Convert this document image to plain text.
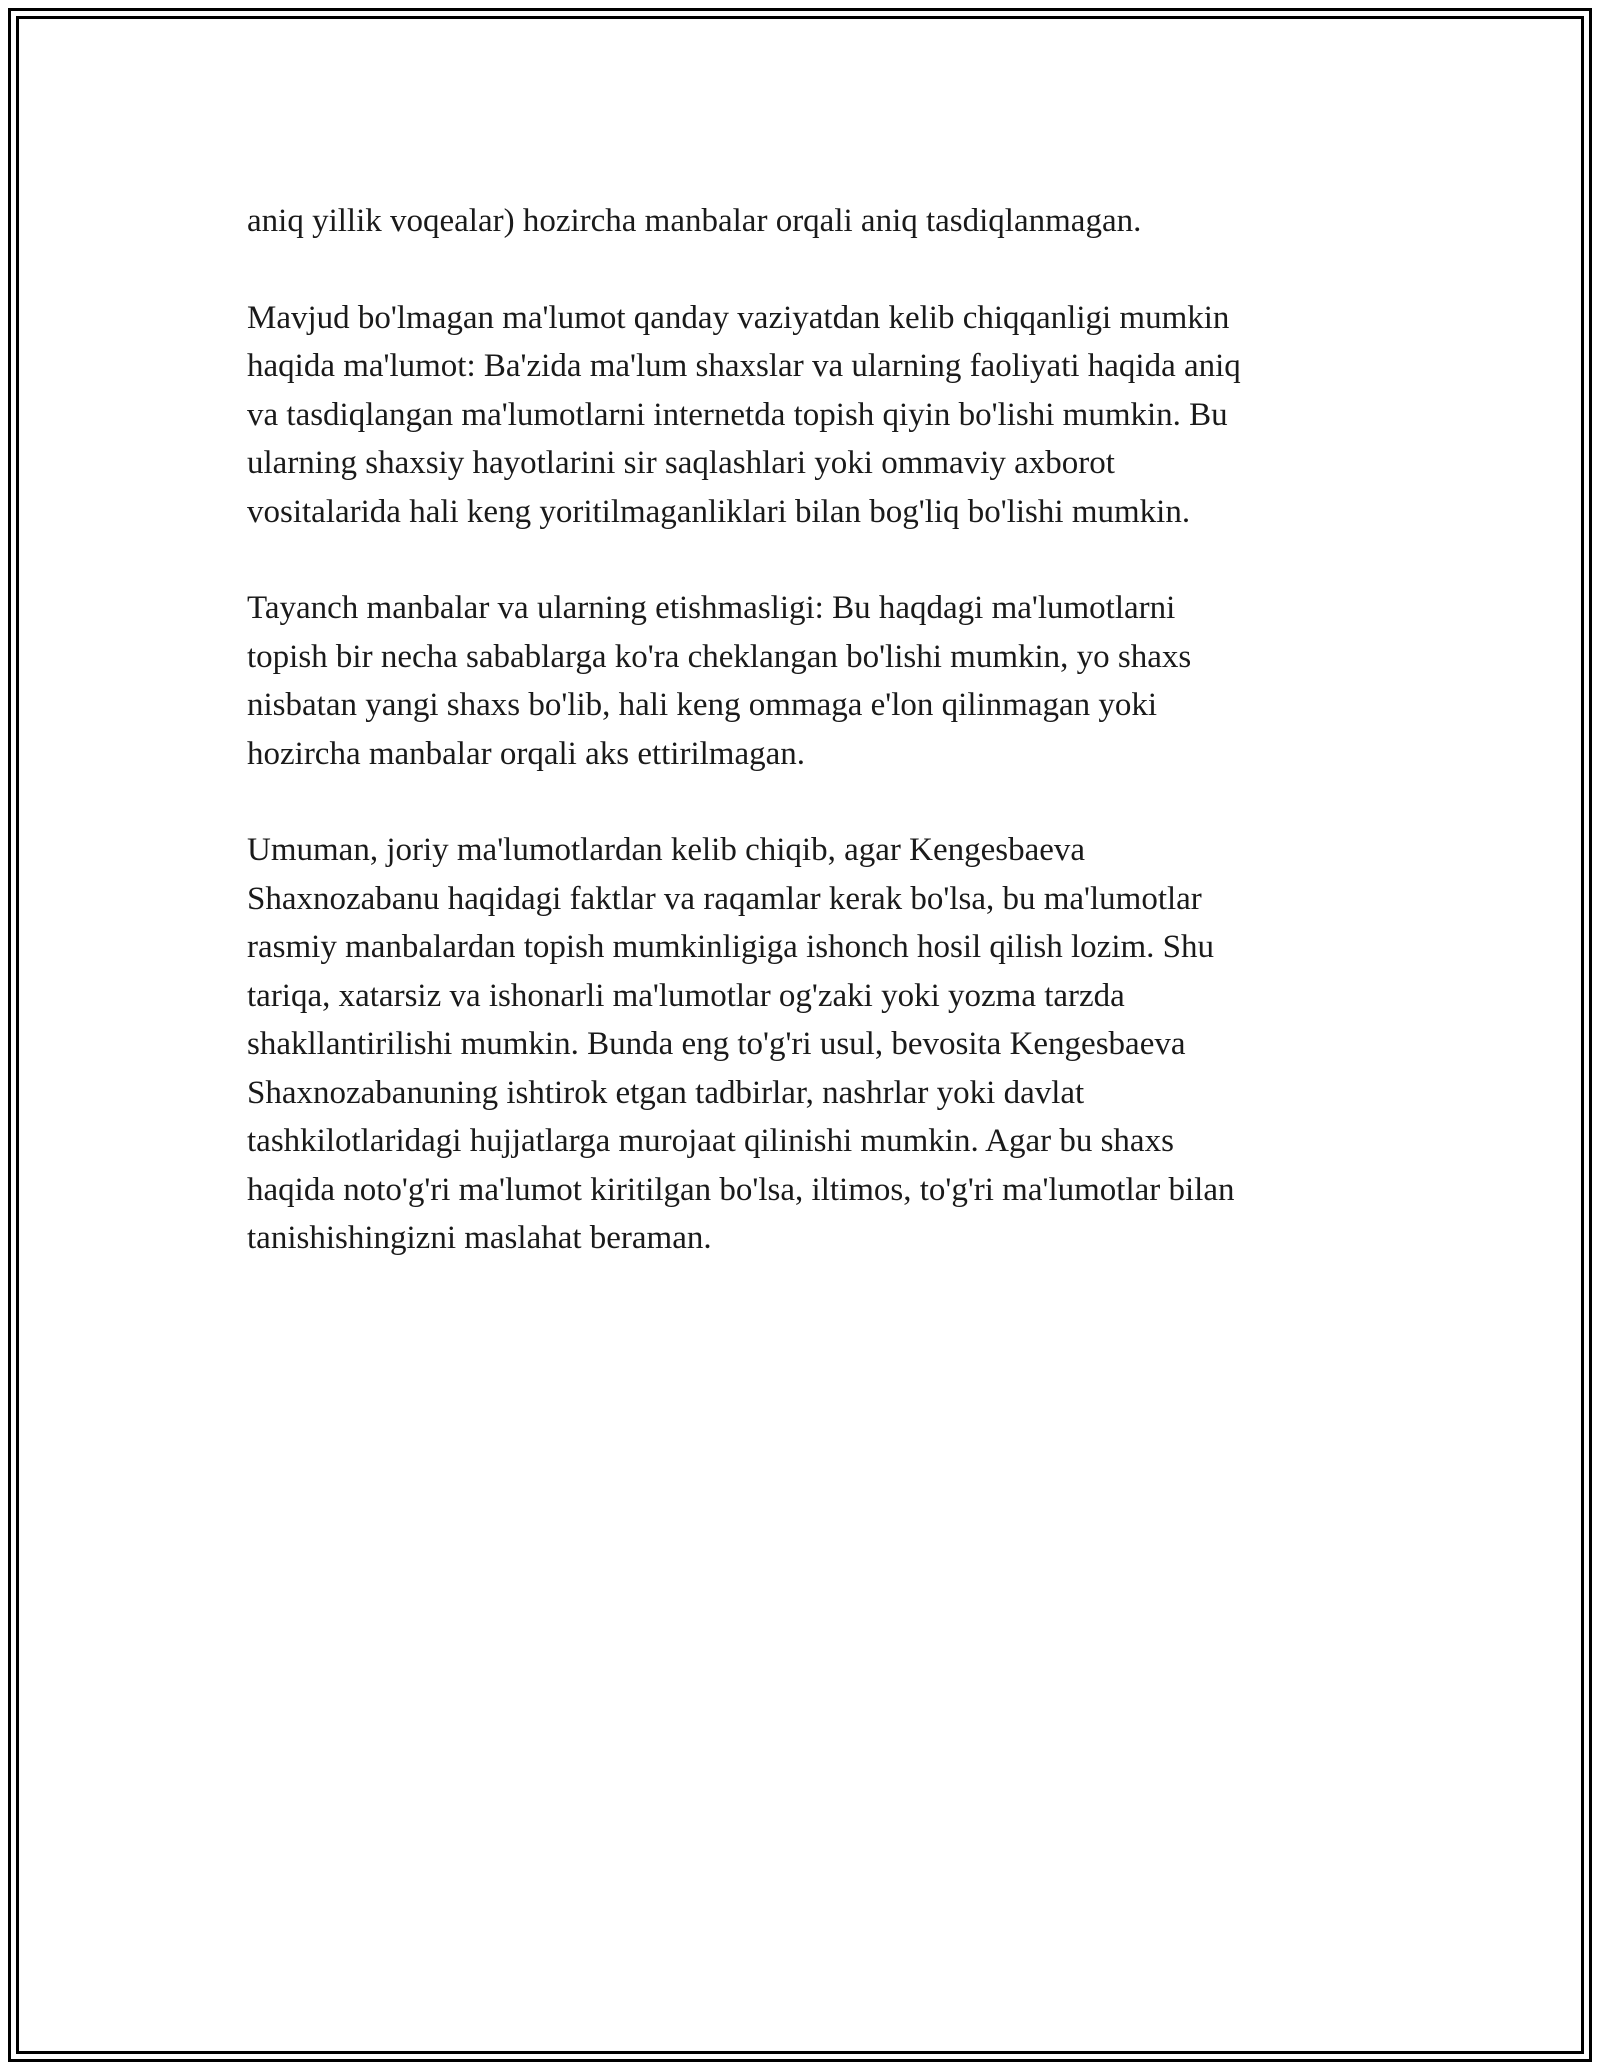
aniq yillik voqealar) hozircha manbalar orqali aniq tasdiqlanmagan.

Mavjud bo'lmagan ma'lumot qanday vaziyatdan kelib chiqqanligi mumkin
haqida ma'lumot: Ba'zida ma'lum shaxslar va ularning faoliyati haqida aniq
va tasdiqlangan ma'lumotlarni internetda topish qiyin bo'lishi mumkin. Bu
ularning shaxsiy hayotlarini sir saqlashlari yoki ommaviy axborot
vositalarida hali keng yoritilmaganliklari bilan bog'liq bo'lishi mumkin.

Tayanch manbalar va ularning etishmasligi: Bu haqdagi ma'lumotlarni
topish bir necha sabablarga ko'ra cheklangan bo'lishi mumkin, yo shaxs
nisbatan yangi shaxs bo'lib, hali keng ommaga e'lon qilinmagan yoki
hozircha manbalar orqali aks ettirilmagan.

Umuman, joriy ma'lumotlardan kelib chiqib, agar Kengesbaeva
Shaxnozabanu haqidagi faktlar va raqamlar kerak bo'lsa, bu ma'lumotlar
rasmiy manbalardan topish mumkinligiga ishonch hosil qilish lozim. Shu
tariqa, xatarsiz va ishonarli ma'lumotlar og'zaki yoki yozma tarzda
shakllantirilishi mumkin. Bunda eng to'g'ri usul, bevosita Kengesbaeva
Shaxnozabanuning ishtirok etgan tadbirlar, nashrlar yoki davlat
tashkilotlaridagi hujjatlarga murojaat qilinishi mumkin. Agar bu shaxs
haqida noto'g'ri ma'lumot kiritilgan bo'lsa, iltimos, to'g'ri ma'lumotlar bilan
tanishishingizni maslahat beraman.
